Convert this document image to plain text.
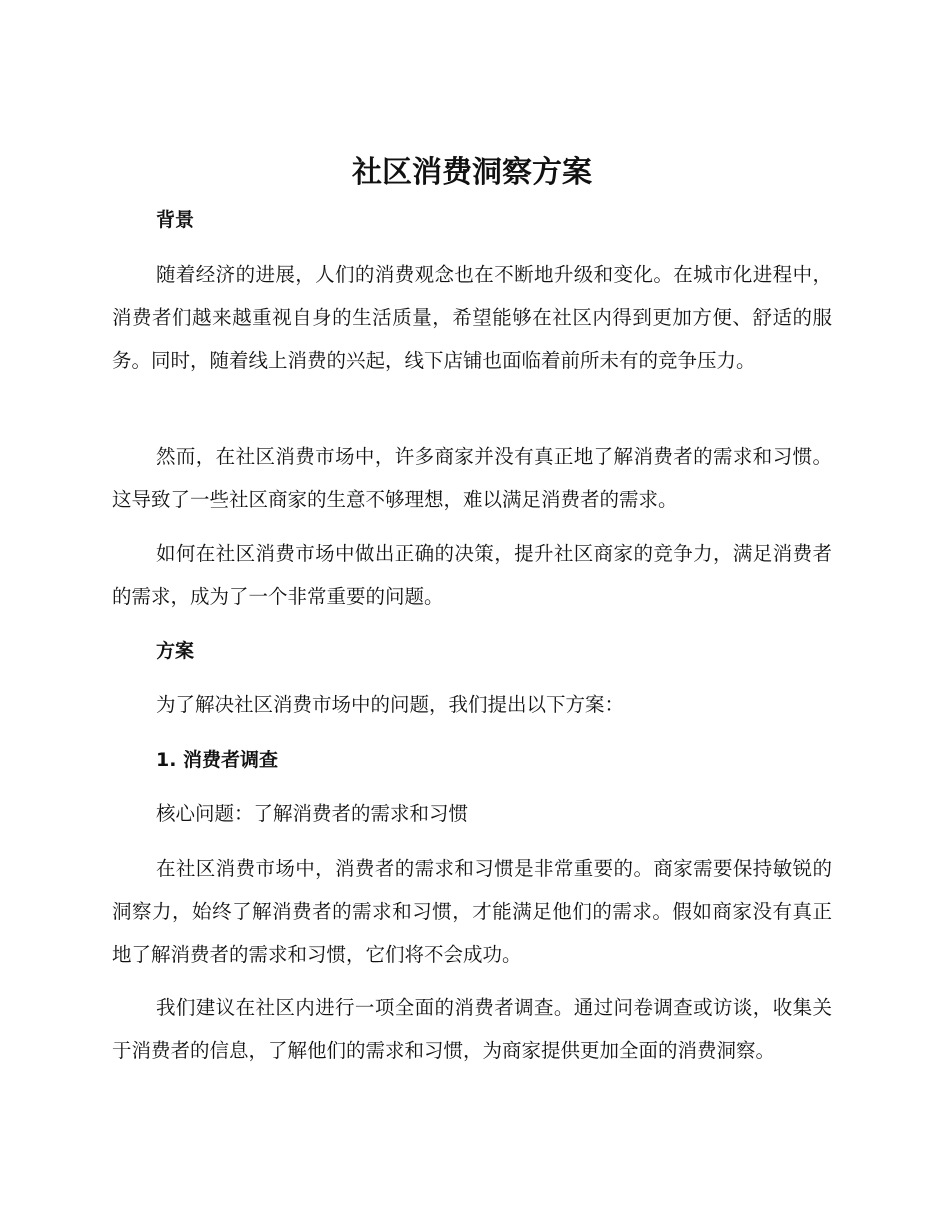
社区消费洞察方案
背景

随着经济的进展，人们的消费观念也在不断地升级和变化。在城市化进程中，消费者们越来越重视自身的生活质量，希望能够在社区内得到更加方便、舒适的服务。同时，随着线上消费的兴起，线下店铺也面临着前所未有的竞争压力。

然而，在社区消费市场中，许多商家并没有真正地了解消费者的需求和习惯。这导致了一些社区商家的生意不够理想，难以满足消费者的需求。

如何在社区消费市场中做出正确的决策，提升社区商家的竞争力，满足消费者的需求，成为了一个非常重要的问题。

方案

为了解决社区消费市场中的问题，我们提出以下方案：

1. 消费者调查

核心问题：了解消费者的需求和习惯

在社区消费市场中，消费者的需求和习惯是非常重要的。商家需要保持敏锐的洞察力，始终了解消费者的需求和习惯，才能满足他们的需求。假如商家没有真正地了解消费者的需求和习惯，它们将不会成功。

我们建议在社区内进行一项全面的消费者调查。通过问卷调查或访谈，收集关于消费者的信息，了解他们的需求和习惯，为商家提供更加全面的消费洞察。
